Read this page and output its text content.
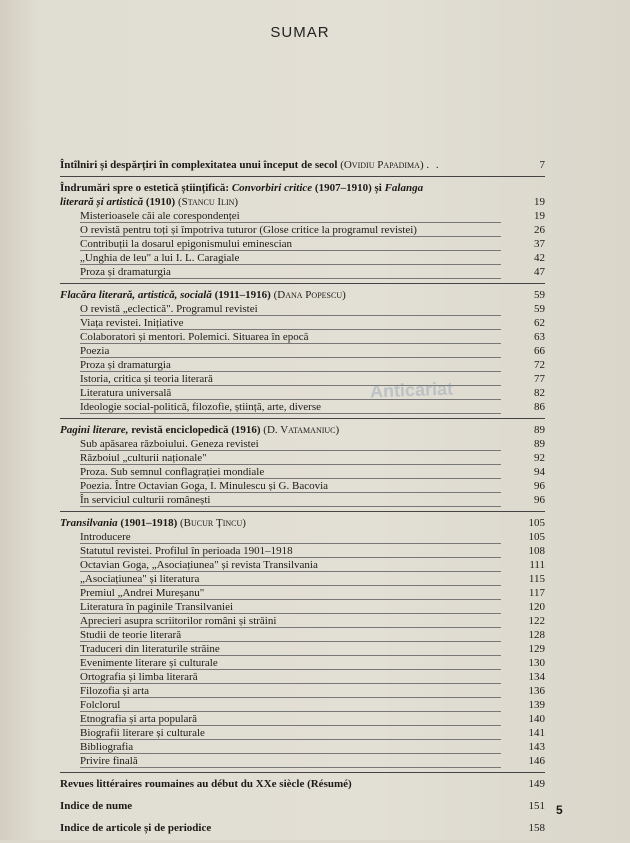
SUMAR
Întîlniri și despărțiri în complexitatea unui început de secol (Ovidiu Papadima) . .	7
Îndrumări spre o estetică științifică: Convorbiri critice (1907–1910) și Falanga
literară și artistică (1910) (Stancu Ilin)	19
Misterioasele căi ale corespondenței	19
O revistă pentru toți și împotriva tuturor (Glose critice la programul revistei)	26
Contribuții la dosarul epigonismului eminescian	37
„Unghia de leu" a lui I. L. Caragiale	42
Proza și dramaturgia	47
Flacăra literară, artistică, socială (1911–1916) (Dana Popescu)	59
O revistă „eclectică". Programul revistei	59
Viața revistei. Inițiative	62
Colaboratori și mentori. Polemici. Situarea în epocă	63
Poezia	66
Proza și dramaturgia	72
Istoria, critica și teoria literară	77
Literatura universală	82
Ideologie social-politică, filozofie, știință, arte, diverse	86
Pagini literare, revistă enciclopedică (1916) (D. Vatamaniuc)	89
Sub apăsarea războiului. Geneza revistei	89
Războiul „culturii naționale"	92
Proza. Sub semnul conflagrației mondiale	94
Poezia. Între Octavian Goga, I. Minulescu și G. Bacovia	96
În serviciul culturii românești	96
Transilvania (1901–1918) (Bucur Țincu)	105
Introducere	105
Statutul revistei. Profilul în perioada 1901–1918	108
Octavian Goga, „Asociațiunea" și revista Transilvania	111
„Asociațiunea" și literatura	115
Premiul „Andrei Mureșanu"	117
Literatura în paginile Transilvaniei	120
Aprecieri asupra scriitorilor români și străini	122
Studii de teorie literară	128
Traduceri din literaturile străine	129
Evenimente literare și culturale	130
Ortografia și limba literară	134
Filozofia și arta	136
Folclorul	139
Etnografia și arta populară	140
Biografii literare și culturale	141
Bibliografia	143
Privire finală	146
Revues littéraires roumaines au début du XXe siècle (Résumé)	149
Indice de nume	151
Indice de articole și de periodice	158
Anticariat
5
